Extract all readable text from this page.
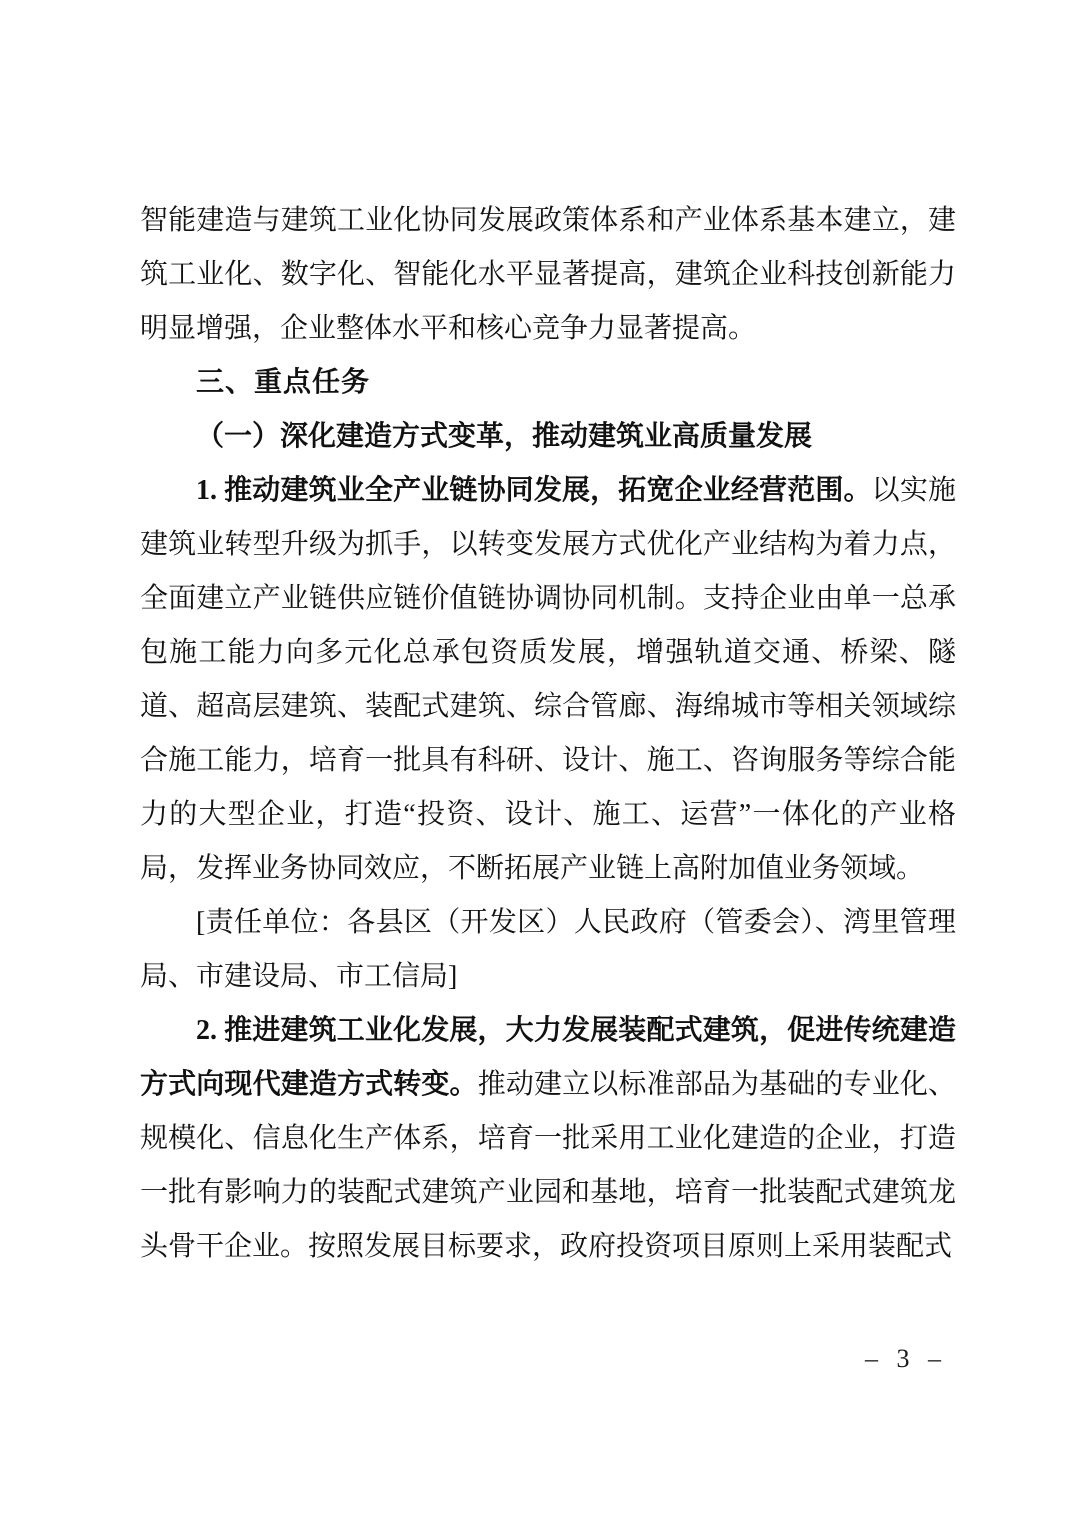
智能建造与建筑工业化协同发展政策体系和产业体系基本建立，建筑工业化、数字化、智能化水平显著提高，建筑企业科技创新能力明显增强，企业整体水平和核心竞争力显著提高。

三、重点任务
（一）深化建造方式变革，推动建筑业高质量发展

1. 推动建筑业全产业链协同发展，拓宽企业经营范围。以实施建筑业转型升级为抓手，以转变发展方式优化产业结构为着力点，全面建立产业链供应链价值链协调协同机制。支持企业由单一总承包施工能力向多元化总承包资质发展，增强轨道交通、桥梁、隧道、超高层建筑、装配式建筑、综合管廊、海绵城市等相关领域综合施工能力，培育一批具有科研、设计、施工、咨询服务等综合能力的大型企业，打造“投资、设计、施工、运营”一体化的产业格局，发挥业务协同效应，不断拓展产业链上高附加值业务领域。

[责任单位：各县区（开发区）人民政府（管委会）、湾里管理局、市建设局、市工信局]

2. 推进建筑工业化发展，大力发展装配式建筑，促进传统建造方式向现代建造方式转变。推动建立以标准部品为基础的专业化、规模化、信息化生产体系，培育一批采用工业化建造的企业，打造一批有影响力的装配式建筑产业园和基地，培育一批装配式建筑龙头骨干企业。按照发展目标要求，政府投资项目原则上采用装配式

– 3 –
